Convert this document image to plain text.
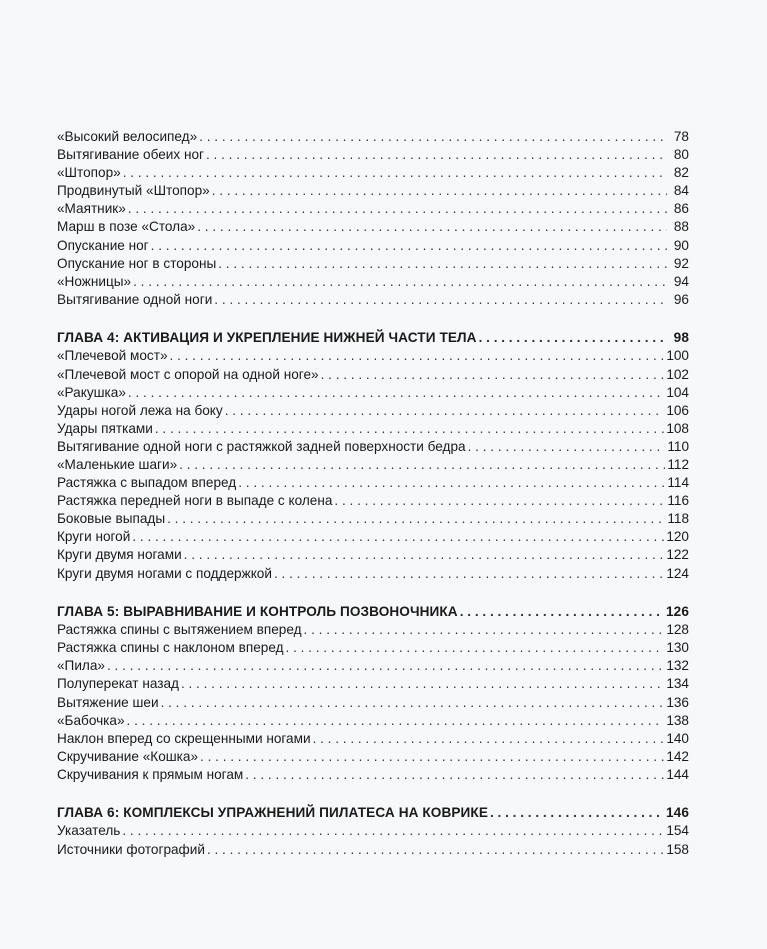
«Высокий велосипед» . . .	78
Вытягивание обеих ног . . .	80
«Штопор» . . .	82
Продвинутый «Штопор» . . .	84
«Маятник» . . .	86
Марш в позе «Стола» . . .	88
Опускание ног . . .	90
Опускание ног в стороны . . .	92
«Ножницы» . . .	94
Вытягивание одной ноги . . .	96
ГЛАВА 4: АКТИВАЦИЯ И УКРЕПЛЕНИЕ НИЖНЕЙ ЧАСТИ ТЕЛА . . .	98
«Плечевой мост» . . .	100
«Плечевой мост с опорой на одной ноге» . . .	102
«Ракушка» . . .	104
Удары ногой лежа на боку . . .	106
Удары пятками . . .	108
Вытягивание одной ноги с растяжкой задней поверхности бедра . . .	110
«Маленькие шаги» . . .	112
Растяжка с выпадом вперед . . .	114
Растяжка передней ноги в выпаде с колена . . .	116
Боковые выпады . . .	118
Круги ногой . . .	120
Круги двумя ногами . . .	122
Круги двумя ногами с поддержкой . . .	124
ГЛАВА 5: ВЫРАВНИВАНИЕ И КОНТРОЛЬ ПОЗВОНОЧНИКА . . .	126
Растяжка спины с вытяжением вперед . . .	128
Растяжка спины с наклоном вперед . . .	130
«Пила» . . .	132
Полуперекат назад . . .	134
Вытяжение шеи . . .	136
«Бабочка» . . .	138
Наклон вперед со скрещенными ногами . . .	140
Скручивание «Кошка» . . .	142
Скручивания к прямым ногам . . .	144
ГЛАВА 6: КОМПЛЕКСЫ УПРАЖНЕНИЙ ПИЛАТЕСА НА КОВРИКЕ . . .	146
Указатель . . .	154
Источники фотографий . . .	158
